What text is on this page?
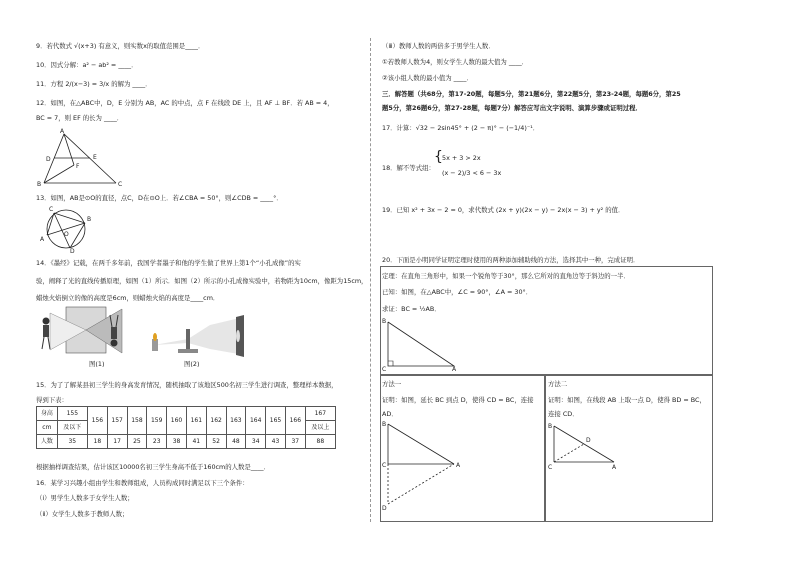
9．若代数式 √(x+3) 有意义，则实数x的取值范围是____．
10．因式分解：a² − ab² = ____．
11．方程 2/(x−3) = 3/x 的解为 ____．
12．如图，在△ABC中，D，E 分别为 AB，AC 的中点，点 F 在线段 DE 上，且 AF ⊥ BF．若 AB = 4，
BC = 7，则 EF 的长为 ____．
A
D	E
F
B	C
13．如图，AB是⊙O的直径，点C，D在⊙O上．若∠CBA = 50°，则∠CDB = ____°．
C
A
B
O
D
14．《墨经》记载，在两千多年前，我国学者墨子和他的学生做了世界上第1个“小孔成像”的实
验，阐释了光的直线传播原理，如图（1）所示．如图（2）所示的小孔成像实验中，若物距为10cm，像距为15cm，
蜡烛火焰倒立的像的高度是6cm，则蜡烛火焰的高度是____cm．
图(1)	图(2)
15．为了了解某县初三学生的身高发育情况，随机抽取了该地区500名初三学生进行调查，整理样本数据，
得到下表：
身高	155	156	157	158	159	160	161	162	163	164	165	166	167
cm	及以下												及以上
人数	35	18	17	25	23	38	41	52	48	34	43	37	88
根据抽样调查结果，估计该区10000名初三学生身高不低于160cm的人数是____．
16．某学习兴趣小组由学生和教师组成，人员构成同时满足以下三个条件：
（ⅰ）男学生人数多于女学生人数；
（ⅱ）女学生人数多于教师人数；
（ⅲ）教师人数的两倍多于男学生人数．
①若教师人数为4，则女学生人数的最大值为 ____．
②该小组人数的最小值为 ____．
三．解答题（共68分，第17-20题，每题5分，第21题6分，第22题5分，第23-24题，每题6分，第25
题5分，第26题6分，第27-28题，每题7分）解答应写出文字说明、演算步骤或证明过程．
17．计算：√32 − 2sin45° + (2 − π)° − (−1/4)⁻¹．
18．解不等式组：
{ 5x + 3 > 2x
(x − 2)/3 < 6 − 3x
19．已知 x² + 3x − 2 = 0，求代数式 (2x + y)(2x − y) − 2x(x − 3) + y² 的值．
20．下面是小明同学证明定理时使用的两种添加辅助线的方法，选择其中一种，完成证明．
定理：在直角三角形中，如果一个锐角等于30°，那么它所对的直角边等于斜边的一半．
已知：如图，在△ABC中，∠C = 90°，∠A = 30°．
求证：BC = ½AB．
B
C	A
方法一
证明：如图，延长 BC 到点 D，使得 CD = BC，连接
AD．
B
C	A
D
方法二
证明：如图，在线段 AB 上取一点 D，使得 BD = BC，
连接 CD．
B
D
C	A
